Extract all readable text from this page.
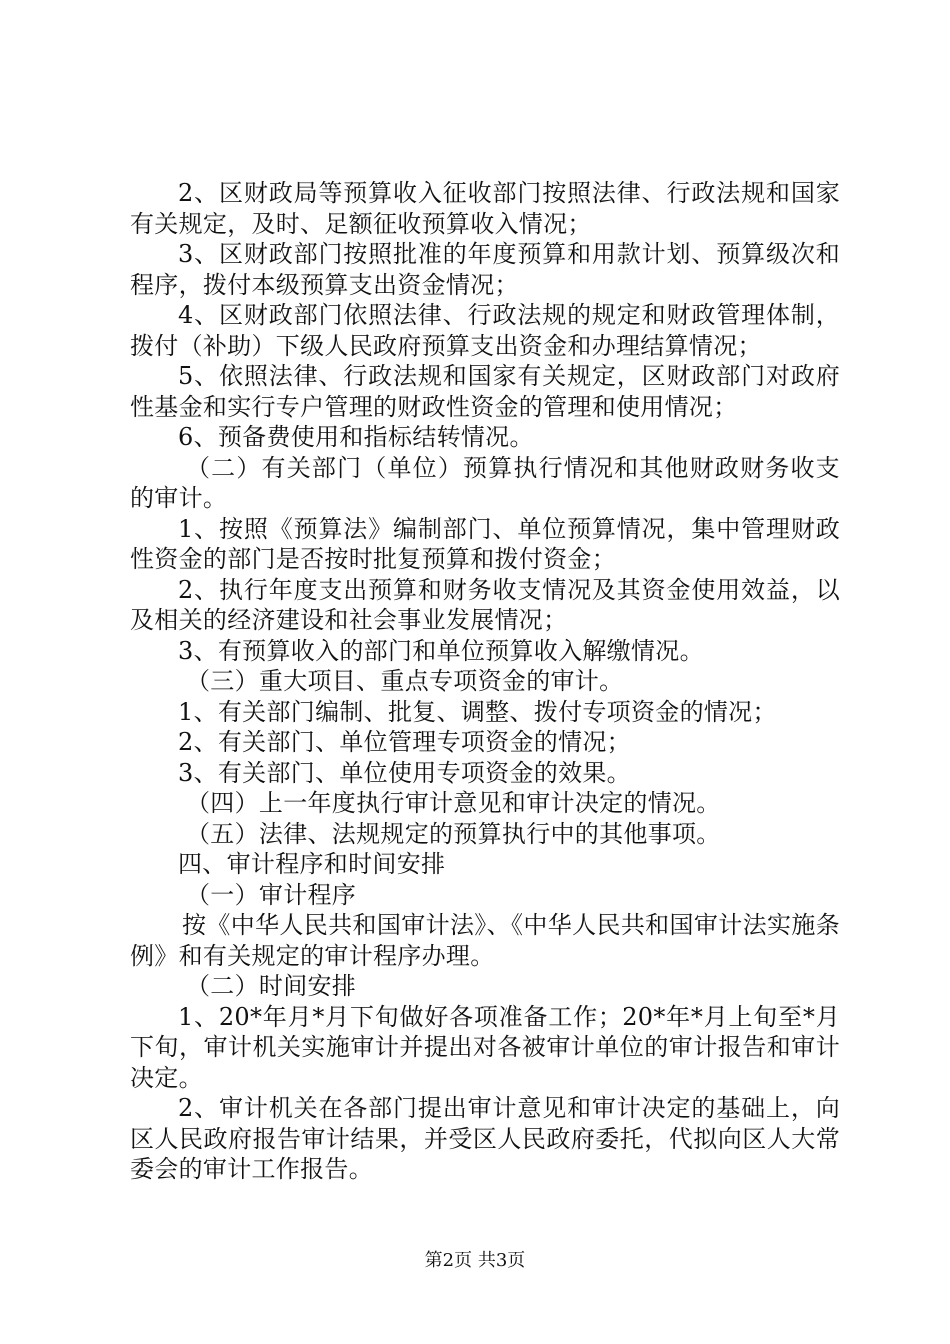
2、区财政局等预算收入征收部门按照法律、行政法规和国家有关规定，及时、足额征收预算收入情况；

3、区财政部门按照批准的年度预算和用款计划、预算级次和程序，拨付本级预算支出资金情况；

4、区财政部门依照法律、行政法规的规定和财政管理体制，拨付（补助）下级人民政府预算支出资金和办理结算情况；

5、依照法律、行政法规和国家有关规定，区财政部门对政府性基金和实行专户管理的财政性资金的管理和使用情况；

6、预备费使用和指标结转情况。

（二）有关部门（单位）预算执行情况和其他财政财务收支的审计。

1、按照《预算法》编制部门、单位预算情况，集中管理财政性资金的部门是否按时批复预算和拨付资金；

2、执行年度支出预算和财务收支情况及其资金使用效益，以及相关的经济建设和社会事业发展情况；

3、有预算收入的部门和单位预算收入解缴情况。

（三）重大项目、重点专项资金的审计。

1、有关部门编制、批复、调整、拨付专项资金的情况；

2、有关部门、单位管理专项资金的情况；

3、有关部门、单位使用专项资金的效果。

（四）上一年度执行审计意见和审计决定的情况。

（五）法律、法规规定的预算执行中的其他事项。

四、审计程序和时间安排

（一）审计程序

按《中华人民共和国审计法》、《中华人民共和国审计法实施条例》和有关规定的审计程序办理。

（二）时间安排

1、20*年月*月下旬做好各项准备工作；20*年*月上旬至*月下旬，审计机关实施审计并提出对各被审计单位的审计报告和审计决定。

2、审计机关在各部门提出审计意见和审计决定的基础上，向区人民政府报告审计结果，并受区人民政府委托，代拟向区人大常委会的审计工作报告。

第2页 共3页
